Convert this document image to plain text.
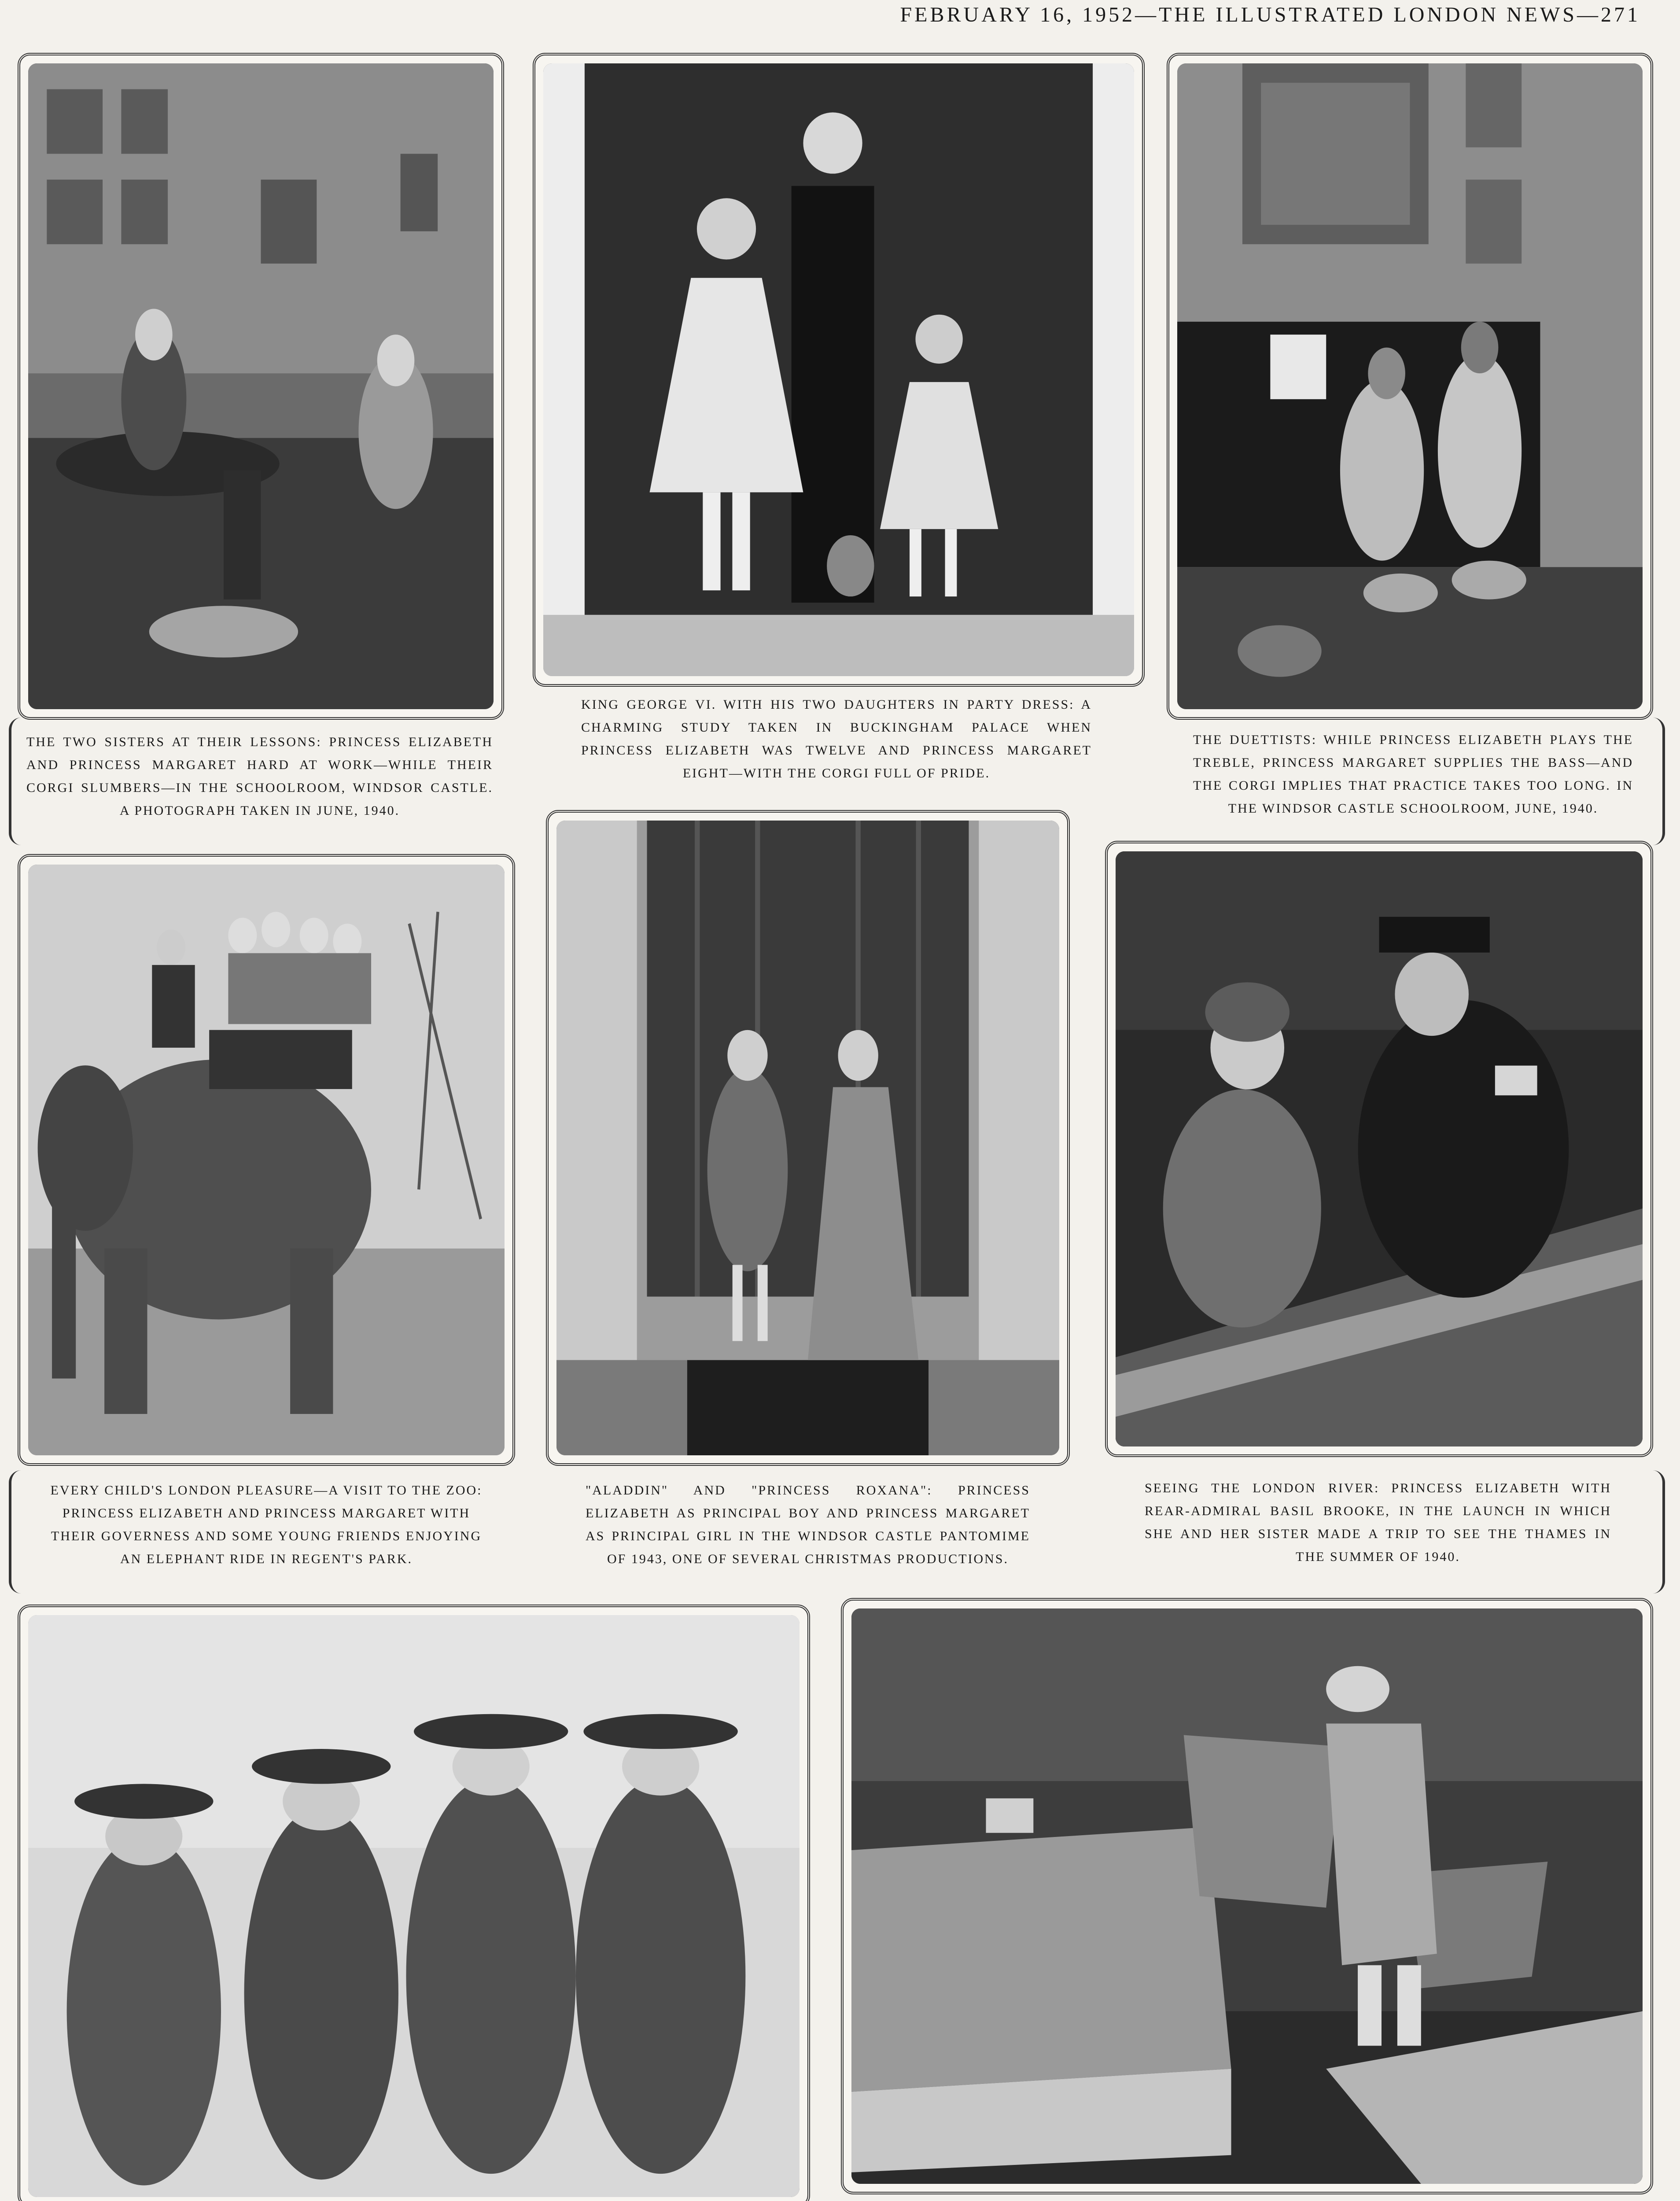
FEBRUARY 16, 1952—THE ILLUSTRATED LONDON NEWS—271
THE TWO SISTERS AT THEIR LESSONS: PRINCESS ELIZABETH AND PRINCESS MARGARET HARD AT WORK—WHILE THEIR CORGI SLUMBERS—IN THE SCHOOLROOM, WINDSOR CASTLE. A PHOTOGRAPH TAKEN IN JUNE, 1940.
KING GEORGE VI. WITH HIS TWO DAUGHTERS IN PARTY DRESS: A CHARMING STUDY TAKEN IN BUCKINGHAM PALACE WHEN PRINCESS ELIZABETH WAS TWELVE AND PRINCESS MARGARET EIGHT—WITH THE CORGI FULL OF PRIDE.
THE DUETTISTS: WHILE PRINCESS ELIZABETH PLAYS THE TREBLE, PRINCESS MARGARET SUPPLIES THE BASS—AND THE CORGI IMPLIES THAT PRACTICE TAKES TOO LONG. IN THE WINDSOR CASTLE SCHOOLROOM, JUNE, 1940.
EVERY CHILD'S LONDON PLEASURE—A VISIT TO THE ZOO: PRINCESS ELIZABETH AND PRINCESS MARGARET WITH THEIR GOVERNESS AND SOME YOUNG FRIENDS ENJOYING AN ELEPHANT RIDE IN REGENT'S PARK.
"ALADDIN" AND "PRINCESS ROXANA": PRINCESS ELIZABETH AS PRINCIPAL BOY AND PRINCESS MARGARET AS PRINCIPAL GIRL IN THE WINDSOR CASTLE PANTOMIME OF 1943, ONE OF SEVERAL CHRISTMAS PRODUCTIONS.
SEEING THE LONDON RIVER: PRINCESS ELIZABETH WITH REAR-ADMIRAL BASIL BROOKE, IN THE LAUNCH IN WHICH SHE AND HER SISTER MADE A TRIP TO SEE THE THAMES IN THE SUMMER OF 1940.
